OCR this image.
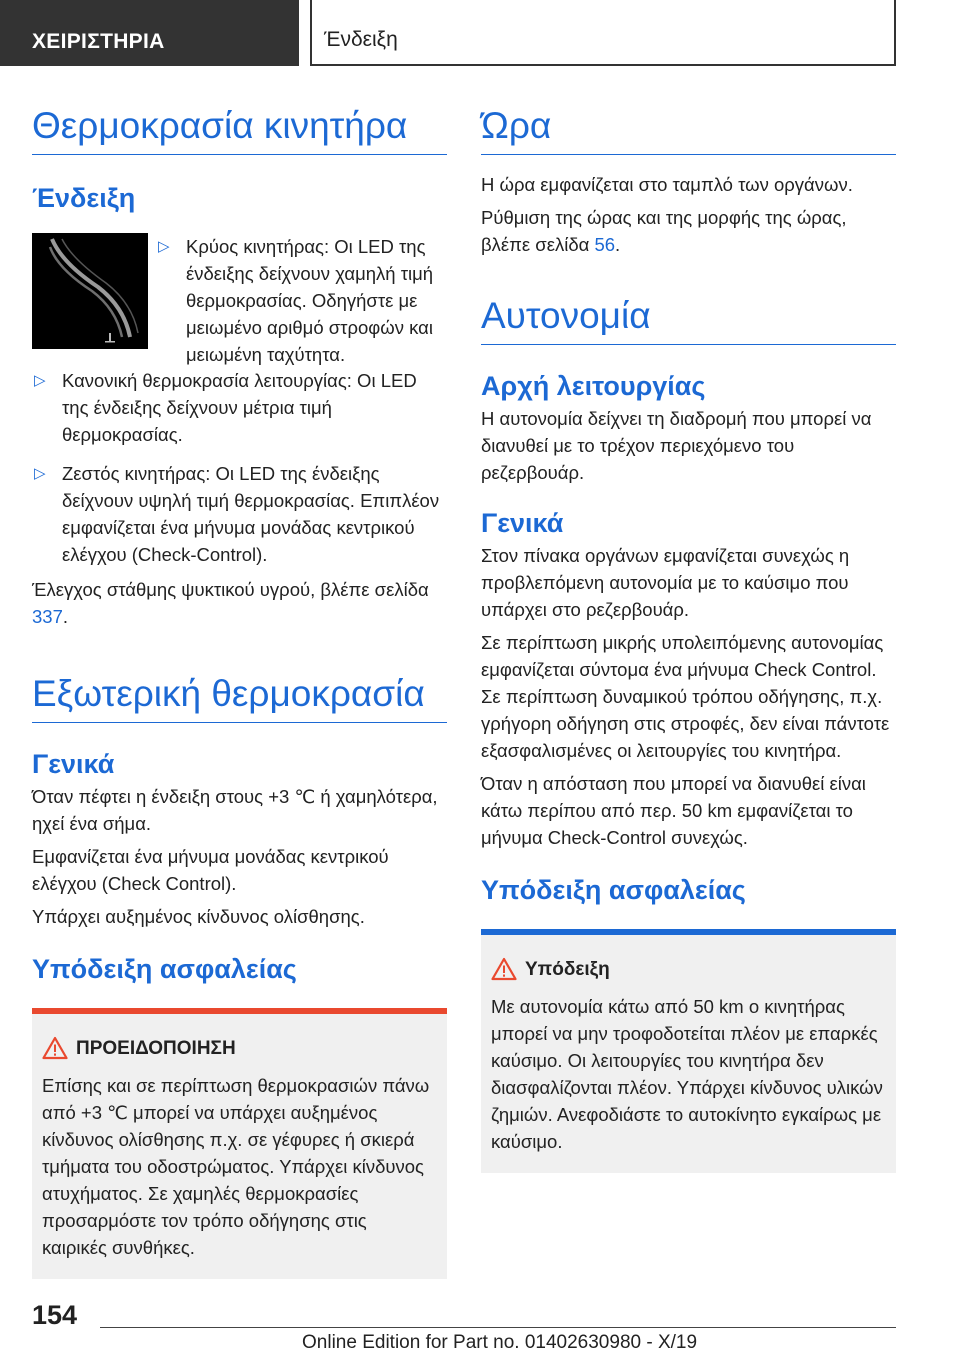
ΧΕΙΡΙΣΤΗΡΙΑ	Ένδειξη
Θερμοκρασία κινητήρα
Ένδειξη
▷ Κρύος κινητήρας: Οι LED της ένδειξης δείχνουν χαμηλή τιμή θερμοκρασίας. Οδηγήστε με μειωμένο αριθμό στροφών και μειωμένη ταχύτητα.
▷ Κανονική θερμοκρασία λειτουργίας: Οι LED της ένδειξης δείχνουν μέτρια τιμή θερμοκρασίας.
▷ Ζεστός κινητήρας: Οι LED της ένδειξης δείχνουν υψηλή τιμή θερμοκρασίας. Επιπλέον εμφανίζεται ένα μήνυμα μονάδας κεντρικού ελέγχου (Check-Control).

Έλεγχος στάθμης ψυκτικού υγρού, βλέπε σελίδα 337.

Εξωτερική θερμοκρασία
Γενικά

Όταν πέφτει η ένδειξη στους +3 ℃ ή χαμηλότερα, ηχεί ένα σήμα.

Εμφανίζεται ένα μήνυμα μονάδας κεντρικού ελέγχου (Check Control).

Υπάρχει αυξημένος κίνδυνος ολίσθησης.

Υπόδειξη ασφαλείας
ΠΡΟΕΙΔΟΠΟΙΗΣΗ

Επίσης και σε περίπτωση θερμοκρασιών πάνω από +3 ℃ μπορεί να υπάρχει αυξημένος κίνδυνος ολίσθησης π.χ. σε γέφυρες ή σκιερά τμήματα του οδοστρώματος. Υπάρχει κίνδυνος ατυχήματος. Σε χαμηλές θερμοκρασίες προσαρμόστε τον τρόπο οδήγησης στις καιρικές συνθήκες.

Ώρα

Η ώρα εμφανίζεται στο ταμπλό των οργάνων.

Ρύθμιση της ώρας και της μορφής της ώρας, βλέπε σελίδα 56.

Αυτονομία
Αρχή λειτουργίας

Η αυτονομία δείχνει τη διαδρομή που μπορεί να διανυθεί με το τρέχον περιεχόμενο του ρεζερβουάρ.

Γενικά

Στον πίνακα οργάνων εμφανίζεται συνεχώς η προβλεπόμενη αυτονομία με το καύσιμο που υπάρχει στο ρεζερβουάρ.

Σε περίπτωση μικρής υπολειπόμενης αυτονομίας εμφανίζεται σύντομα ένα μήνυμα Check Control. Σε περίπτωση δυναμικού τρόπου οδήγησης, π.χ. γρήγορη οδήγηση στις στροφές, δεν είναι πάντοτε εξασφαλισμένες οι λειτουργίες του κινητήρα.

Όταν η απόσταση που μπορεί να διανυθεί είναι κάτω περίπου από περ. 50 km εμφανίζεται το μήνυμα Check-Control συνεχώς.

Υπόδειξη ασφαλείας
Υπόδειξη

Με αυτονομία κάτω από 50 km ο κινητήρας μπορεί να μην τροφοδοτείται πλέον με επαρκές καύσιμο. Οι λειτουργίες του κινητήρα δεν διασφαλίζονται πλέον. Υπάρχει κίνδυνος υλικών ζημιών. Ανεφοδιάστε το αυτοκίνητο εγκαίρως με καύσιμο.

154
Online Edition for Part no. 01402630980 - X/19
